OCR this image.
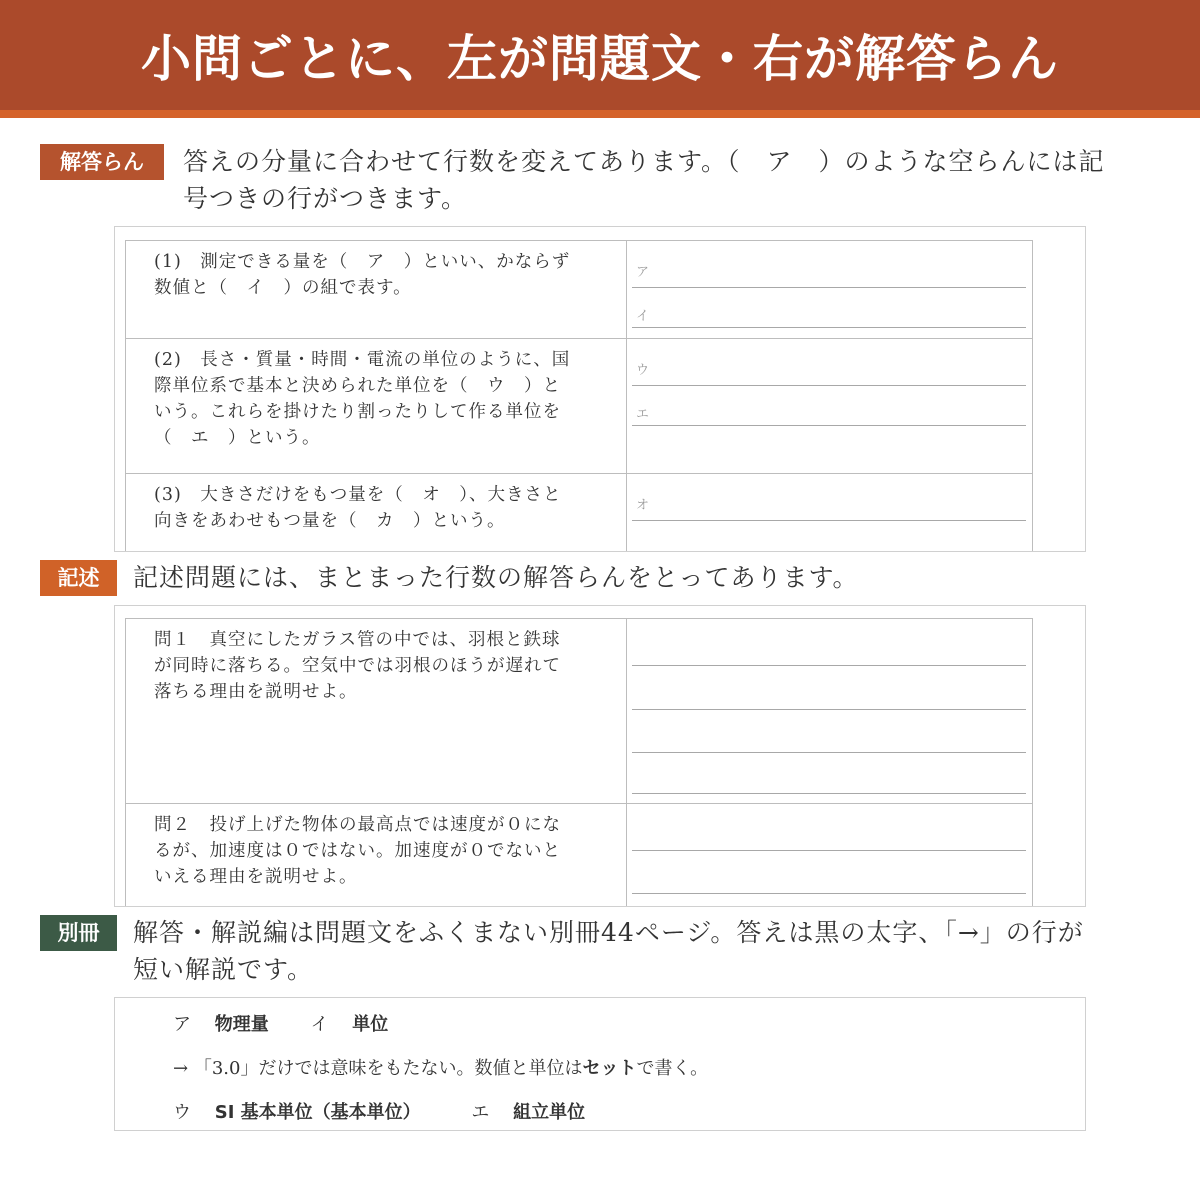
小問ごとに、左が問題文・右が解答らん
解答らん	答えの分量に合わせて行数を変えてあります。（　ア　）のような空らんには記
号つきの行がつきます。
(1)　測定できる量を（　ア　）といい、かならず
数値と（　イ　）の組で表す。
ア
イ
(2)　長さ・質量・時間・電流の単位のように、国
際単位系で基本と決められた単位を（　ウ　）と
いう。これらを掛けたり割ったりして作る単位を
（　エ　）という。
ウ
エ
(3)　大きさだけをもつ量を（　オ　）、大きさと
向きをあわせもつ量を（　カ　）という。
オ
記述	記述問題には、まとまった行数の解答らんをとってあります。
問１　真空にしたガラス管の中では、羽根と鉄球
が同時に落ちる。空気中では羽根のほうが遅れて
落ちる理由を説明せよ。
問２　投げ上げた物体の最高点では速度が０にな
るが、加速度は０ではない。加速度が０でないと
いえる理由を説明せよ。
別冊	解答・解説編は問題文をふくまない別冊44ページ。答えは黒の太字、「→」の行が
短い解説です。
ア　 物理量　　 イ　 単位
→ 「3.0」だけでは意味をもたない。数値と単位はセットで書く。
ウ　 SI 基本単位（基本単位）　　　	エ　 組立単位
